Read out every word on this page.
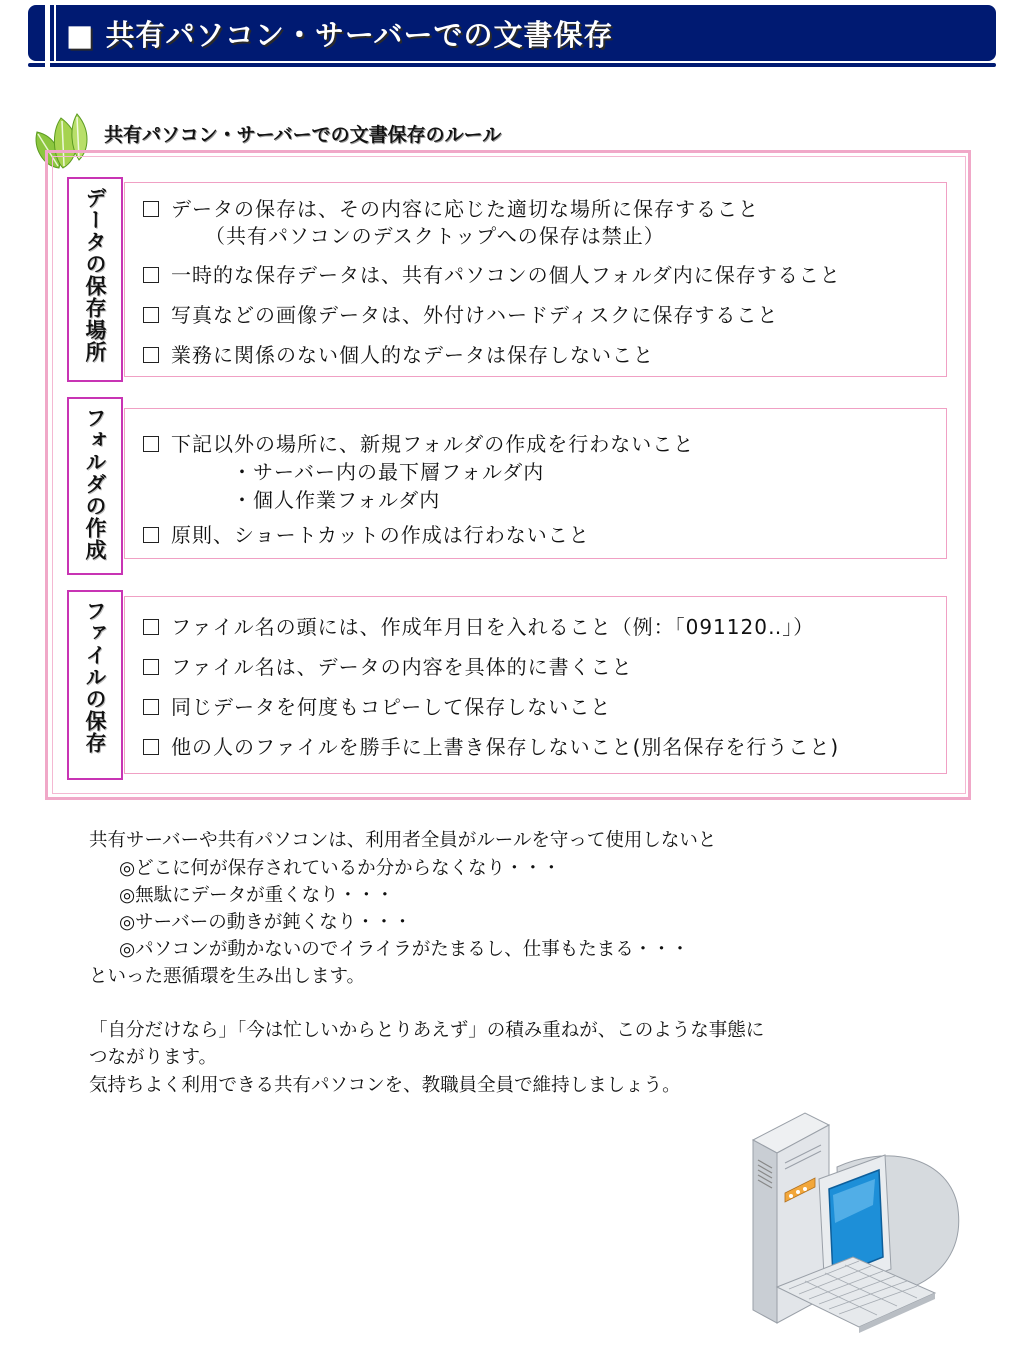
■ 共有パソコン・サーバーでの文書保存
共有パソコン・サーバーでの文書保存のルール
データの保存場所	データの保存は、その内容に応じた適切な場所に保存すること
（共有パソコンのデスクトップへの保存は禁止）
一時的な保存データは、共有パソコンの個人フォルダ内に保存すること
写真などの画像データは、外付けハードディスクに保存すること
業務に関係のない個人的なデータは保存しないこと
フォルダの作成	下記以外の場所に、新規フォルダの作成を行わないこと
・サーバー内の最下層フォルダ内
・個人作業フォルダ内
原則、ショートカットの作成は行わないこと
ファイルの保存	ファイル名の頭には、作成年月日を入れること（例：「091120‥」）
ファイル名は、データの内容を具体的に書くこと
同じデータを何度もコピーして保存しないこと
他の人のファイルを勝手に上書き保存しないこと(別名保存を行うこと)
共有サーバーや共有パソコンは、利用者全員がルールを守って使用しないと
◎どこに何が保存されているか分からなくなり・・・
◎無駄にデータが重くなり・・・
◎サーバーの動きが鈍くなり・・・
◎パソコンが動かないのでイライラがたまるし、仕事もたまる・・・
といった悪循環を生み出します。
「自分だけなら」「今は忙しいからとりあえず」の積み重ねが、このような事態に
つながります。
気持ちよく利用できる共有パソコンを、教職員全員で維持しましょう。
